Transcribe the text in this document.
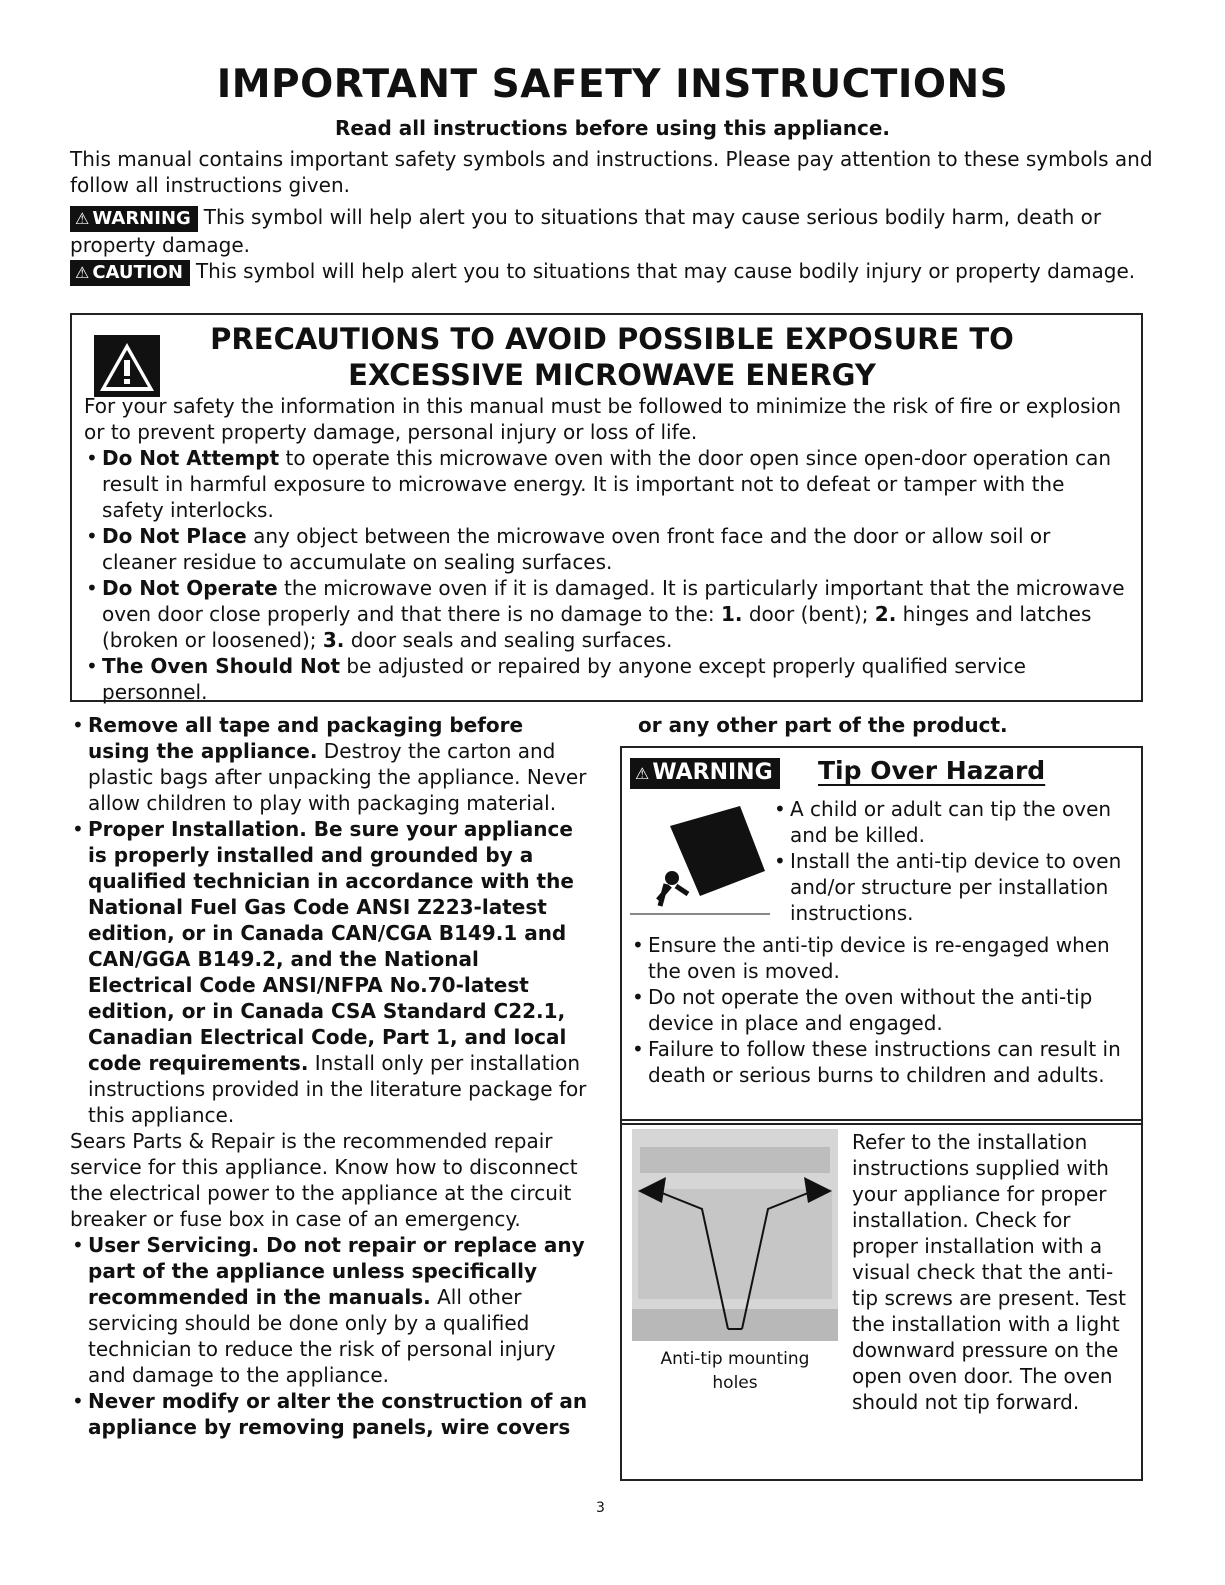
IMPORTANT SAFETY INSTRUCTIONS
Read all instructions before using this appliance.
This manual contains important safety symbols and instructions. Please pay attention to these symbols and follow all instructions given.
⚠ WARNING This symbol will help alert you to situations that may cause serious bodily harm, death or property damage.
⚠ CAUTION This symbol will help alert you to situations that may cause bodily injury or property damage.
PRECAUTIONS TO AVOID POSSIBLE EXPOSURE TO
EXCESSIVE MICROWAVE ENERGY
For your safety the information in this manual must be followed to minimize the risk of fire or explosion or to prevent property damage, personal injury or loss of life.
• Do Not Attempt to operate this microwave oven with the door open since open-door operation can result in harmful exposure to microwave energy. It is important not to defeat or tamper with the safety interlocks.
• Do Not Place any object between the microwave oven front face and the door or allow soil or cleaner residue to accumulate on sealing surfaces.
• Do Not Operate the microwave oven if it is damaged. It is particularly important that the microwave oven door close properly and that there is no damage to the: 1. door (bent); 2. hinges and latches (broken or loosened); 3. door seals and sealing surfaces.
• The Oven Should Not be adjusted or repaired by anyone except properly qualified service personnel.
• Remove all tape and packaging before using the appliance. Destroy the carton and plastic bags after unpacking the appliance. Never allow children to play with packaging material.
• Proper Installation. Be sure your appliance is properly installed and grounded by a qualified technician in accordance with the National Fuel Gas Code ANSI Z223-latest edition, or in Canada CAN/CGA B149.1 and CAN/GGA B149.2, and the National Electrical Code ANSI/NFPA No.70-latest edition, or in Canada CSA Standard C22.1, Canadian Electrical Code, Part 1, and local code requirements. Install only per installation instructions provided in the literature package for this appliance.
Sears Parts & Repair is the recommended repair service for this appliance. Know how to disconnect the electrical power to the appliance at the circuit breaker or fuse box in case of an emergency.
• User Servicing. Do not repair or replace any part of the appliance unless specifically recommended in the manuals. All other servicing should be done only by a qualified technician to reduce the risk of personal injury and damage to the appliance.
• Never modify or alter the construction of an appliance by removing panels, wire covers
or any other part of the product.
⚠ WARNING Tip Over Hazard
• A child or adult can tip the oven and be killed.
• Install the anti-tip device to oven and/or structure per installation instructions.
• Ensure the anti-tip device is re-engaged when the oven is moved.
• Do not operate the oven without the anti-tip device in place and engaged.
• Failure to follow these instructions can result in death or serious burns to children and adults.
Anti-tip mounting
holes
Refer to the installation instructions supplied with your appliance for proper installation. Check for proper installation with a visual check that the anti-tip screws are present. Test the installation with a light downward pressure on the open oven door. The oven should not tip forward.
3
